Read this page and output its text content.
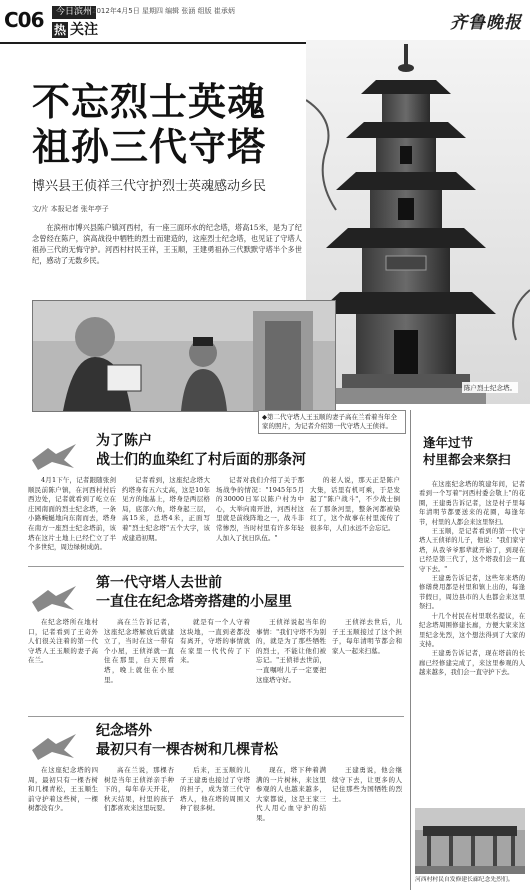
C06	今日滨州 2012年4月5日 星期四 编辑 张涵 组版 崔承炳
热 关注	齐鲁晚报
陈户烈士纪念塔。
不忘烈士英魂
祖孙三代守塔
博兴县王侦祥三代守护烈士英魂感动乡民
文/片 本报记者 张年亭子
在滨州市博兴县陈户镇河西村，有一座三面环水的纪念塔，塔高15米，是为了纪念曾经在陈户，滨高战役中牺牲的烈士而建造的，这座烈士纪念塔，也见证了守塔人祖孙三代的无悔守护。河西村村民王祥，王玉顺，王建勇祖孙三代默默守塔半个多世纪，感动了无数乡民。
◆第二代守塔人王玉顺的妻子高在兰看着当年全家的照片，为记者介绍第一代守塔人王侦祥。
为了陈户
战士们的血染红了村后面的那条河
4月1下午，记者跟随张剑顺民前陈户镇，在河西村村后西边处，记者就看到了屹立在庄园南面的烈士纪念塔，一条小路蜿蜒地向东南而去，塔身在南方一座烈士纪念塔前，该塔在这片土地上已经伫立了半个多世纪，周边绿树成荫。
记者看到，这座纪念塔大约塔身有五六丈高，这是10年见方的地基上，塔身是两层格局，底部六角，塔身起三层，高15米，总塔4米，正面写着"烈士纪念塔"五个大字，该成建造初期。
记者对我们介绍了关于那场战争的情况："1945年5月的30000日军以陈户村为中心，大举向南开进，河西村这里就是前线阵地之一，战斗非常惨烈，当时村里有许多年轻人加入了抗日队伍。"
的老人说，那天正是陈户大集，话里有机可乘，于是发起了"陈户战斗"，不少战士倒在了那条河里，整条河都被染红了，这个故事在村里流传了很多年，人们永远不会忘记。
第一代守塔人去世前
一直住在纪念塔旁搭建的小屋里
在纪念塔所在地村口，记者看到了王奇外人们很关注着的第一代守塔人王玉顺的妻子高在兰。
高在兰告诉记者，这座纪念塔解放后就建立了，当时在这一带有个小屋，王侦祥就一直住在那里，白天照看塔，晚上就住在小屋里。
就是有一个人守着这块地，一直到老都没有离开，守塔的事情就在家里一代代传了下来。
王侦祥说起当年的事情："我们守塔不为别的，就是为了那些牺牲的烈士，不能让他们被忘记。"王侦祥去世前，一直嘱咐儿子一定要把这座塔守好。
王侦祥去世后，儿子王玉顺接过了这个担子，每年清明节都会和家人一起来扫墓。
纪念塔外
最初只有一棵杏树和几棵青松
在这座纪念塔的四周，最初只有一棵杏树和几棵青松，王玉顺生前守护着这些树，一棵树都没有少。
高在兰说，那棵杏树是当年王侦祥亲手种下的，每年春天开花，秋天结果，村里的孩子们都喜欢来这里玩耍。
后来，王玉顺的儿子王建勇也接过了守塔的担子，成为第三代守塔人，他在塔的周围又种了很多树。
现在，塔下种着满满的一片树林，来这里参观的人也越来越多，大家都说，这是王家三代人用心血守护的结果。
王建勇说，他会继续守下去，让更多的人记住那些为国牺牲的烈士。
逢年过节
村里都会来祭扫

在这座纪念塔的筑建年间，记者看到一个写着"河西村委会敬上"的花圈，王建勇告诉记者，这是村子里每年清明节都要送来的花圈，每逢年节，村里的人都会来这里祭扫。

王玉顺，是记者看到的第一代守塔人王侦祥的儿子，他说："我们家守塔，从我爷爷那辈就开始了，到现在已经是第三代了，这个塔我们会一直守下去。"

王建勇告诉记者，这些年来塔的修缮费用都是村里和镇上出的，每逢节假日，周边县市的人也都会来这里祭扫。

十几个村民在村里联名提议，在纪念塔周围修建长廊，方便大家来这里纪念先烈，这个想法得到了大家的支持。

王建勇告诉记者，现在塔前的长廊已经修建完成了，来这里参观的人越来越多，我们会一直守护下去。

河西村村民自发修建长廊纪念先烈们。
